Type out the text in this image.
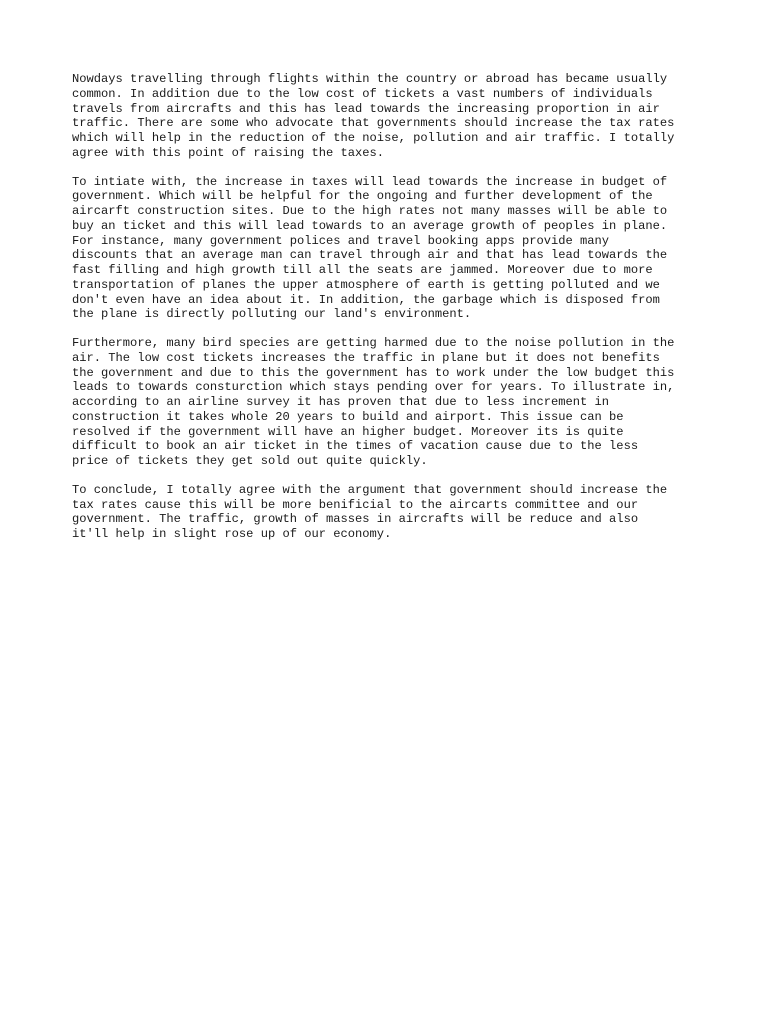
Nowdays travelling through flights within the country or abroad has became usually
common. In addition due to the low cost of tickets a vast numbers of individuals
travels from aircrafts and this has lead towards the increasing proportion in air
traffic. There are some who advocate that governments should increase the tax rates
which will help in the reduction of the noise, pollution and air traffic. I totally
agree with this point of raising the taxes.

To intiate with, the increase in taxes will lead towards the increase in budget of
government. Which will be helpful for the ongoing and further development of the
aircarft construction sites. Due to the high rates not many masses will be able to
buy an ticket and this will lead towards to an average growth of peoples in plane.
For instance, many government polices and travel booking apps provide many
discounts that an average man can travel through air and that has lead towards the
fast filling and high growth till all the seats are jammed. Moreover due to more
transportation of planes the upper atmosphere of earth is getting polluted and we
don't even have an idea about it. In addition, the garbage which is disposed from
the plane is directly polluting our land's environment.

Furthermore, many bird species are getting harmed due to the noise pollution in the
air. The low cost tickets increases the traffic in plane but it does not benefits
the government and due to this the government has to work under the low budget this
leads to towards consturction which stays pending over for years. To illustrate in,
according to an airline survey it has proven that due to less increment in
construction it takes whole 20 years to build and airport. This issue can be
resolved if the government will have an higher budget. Moreover its is quite
difficult to book an air ticket in the times of vacation cause due to the less
price of tickets they get sold out quite quickly.

To conclude, I totally agree with the argument that government should increase the
tax rates cause this will be more benificial to the aircarts committee and our
government. The traffic, growth of masses in aircrafts will be reduce and also
it'll help in slight rose up of our economy.
